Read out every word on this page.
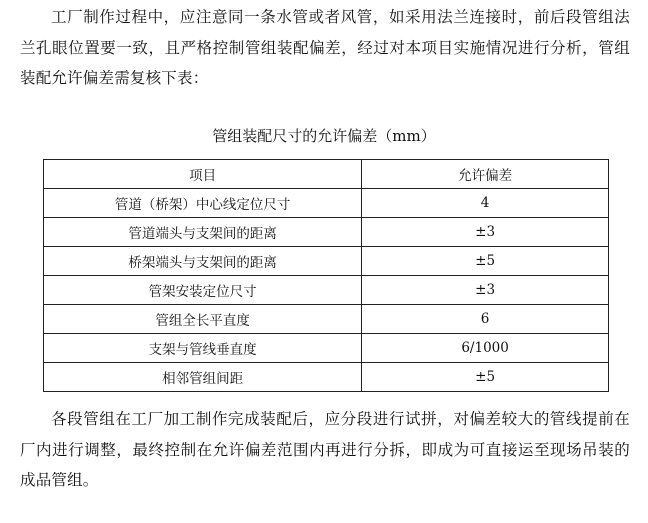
工厂制作过程中，应注意同一条水管或者风管，如采用法兰连接时，前后段管组法兰孔眼位置要一致，且严格控制管组装配偏差，经过对本项目实施情况进行分析，管组装配允许偏差需复核下表：

管组装配尺寸的允许偏差（mm）
项目	允许偏差
管道（桥架）中心线定位尺寸	4
管道端头与支架间的距离	±3
桥架端头与支架间的距离	±5
管架安装定位尺寸	±3
管组全长平直度	6
支架与管线垂直度	6/1000
相邻管组间距	±5

各段管组在工厂加工制作完成装配后，应分段进行试拼，对偏差较大的管线提前在厂内进行调整，最终控制在允许偏差范围内再进行分拆，即成为可直接运至现场吊装的成品管组。
